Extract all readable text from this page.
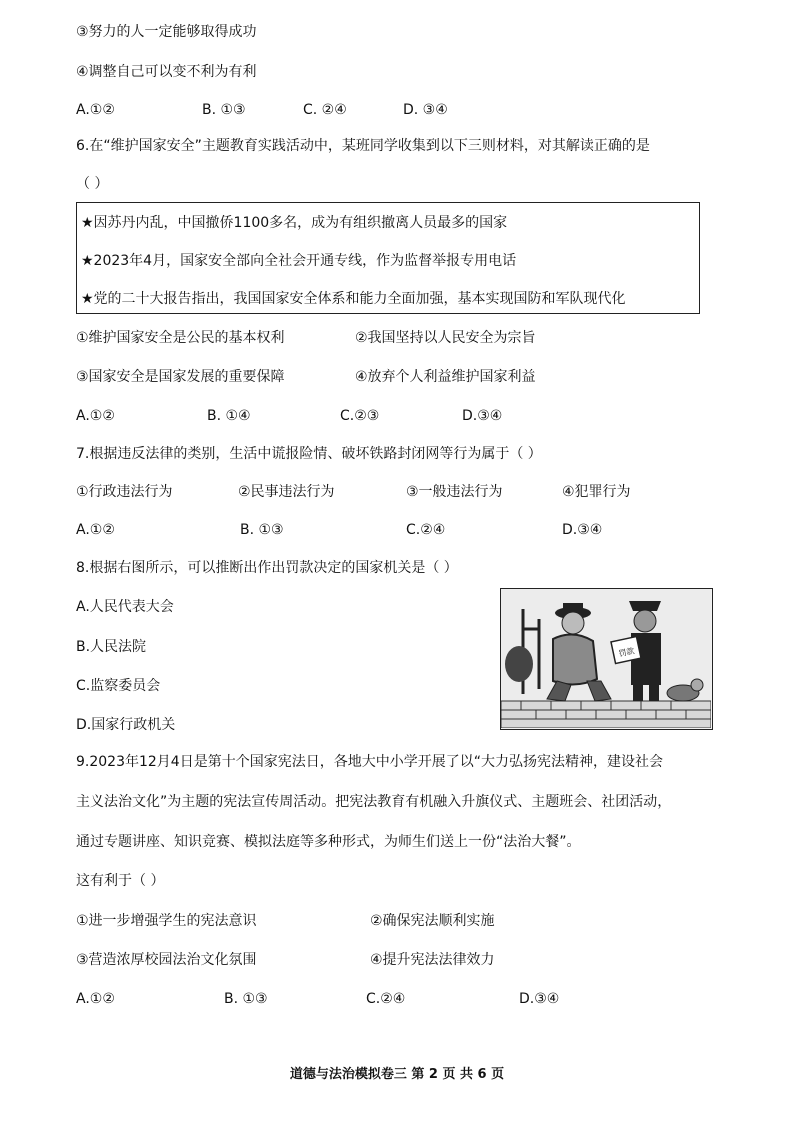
③努力的人一定能够取得成功
④调整自己可以变不利为有利
A.①②	B. ①③	C. ②④	D. ③④
6.在“维护国家安全”主题教育实践活动中，某班同学收集到以下三则材料，对其解读正确的是
（ ）
★因苏丹内乱，中国撤侨1100多名，成为有组织撤离人员最多的国家
★2023年4月，国家安全部向全社会开通专线，作为监督举报专用电话
★党的二十大报告指出，我国国家安全体系和能力全面加强，基本实现国防和军队现代化
①维护国家安全是公民的基本权利	②我国坚持以人民安全为宗旨
③国家安全是国家发展的重要保障	④放弃个人利益维护国家利益
A.①②	B. ①④	C.②③	D.③④
7.根据违反法律的类别，生活中谎报险情、破坏铁路封闭网等行为属于（ ）
①行政违法行为	②民事违法行为	③一般违法行为	④犯罪行为
A.①②	B. ①③	C.②④	D.③④
8.根据右图所示，可以推断出作出罚款决定的国家机关是（ ）
A.人民代表大会
B.人民法院
C.监察委员会
D.国家行政机关
罚款
9.2023年12月4日是第十个国家宪法日，各地大中小学开展了以“大力弘扬宪法精神，建设社会
主义法治文化”为主题的宪法宣传周活动。把宪法教育有机融入升旗仪式、主题班会、社团活动，
通过专题讲座、知识竞赛、模拟法庭等多种形式，为师生们送上一份“法治大餐”。
这有利于（ ）
①进一步增强学生的宪法意识	②确保宪法顺利实施
③营造浓厚校园法治文化氛围	④提升宪法法律效力
A.①②	B. ①③	C.②④	D.③④
道德与法治模拟卷三 第 2 页 共 6 页
